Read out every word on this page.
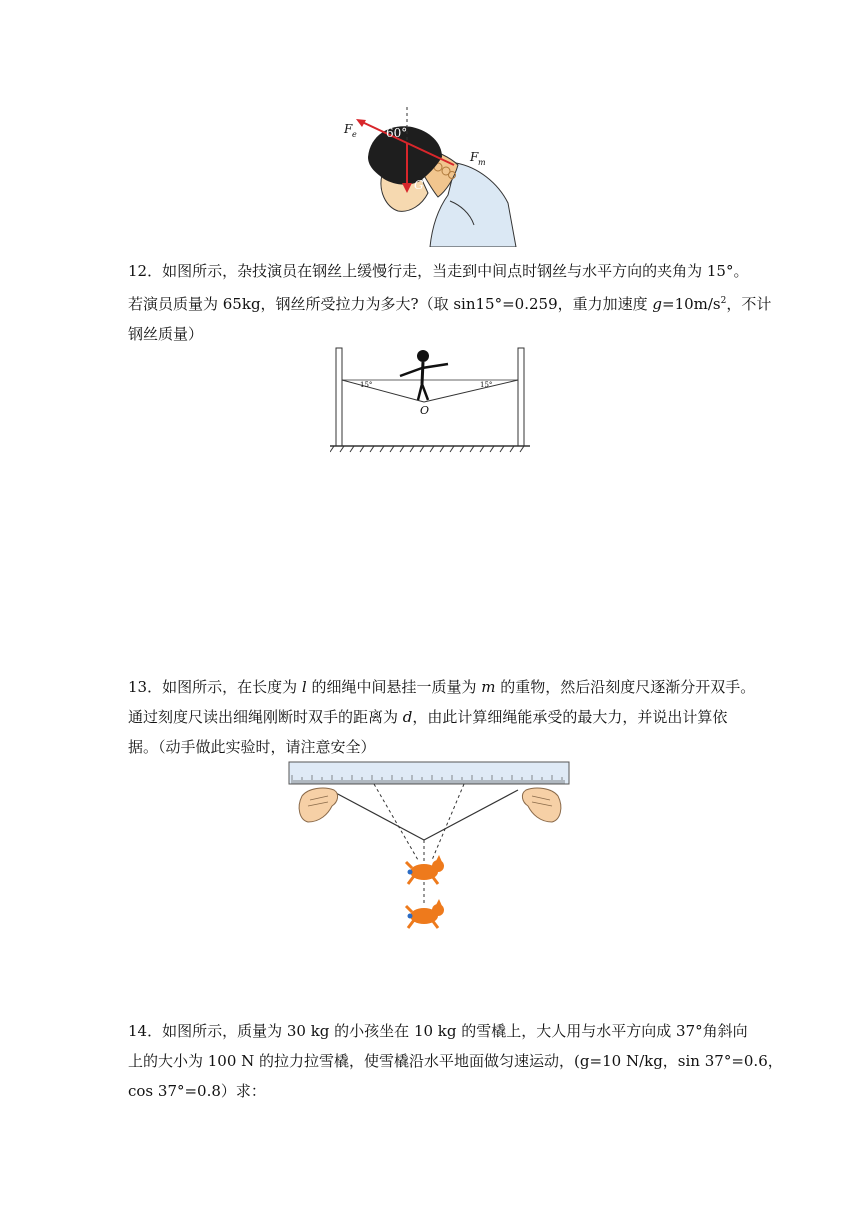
F e 60°
G
F m
12．如图所示，杂技演员在钢丝上缓慢行走，当走到中间点时钢丝与水平方向的夹角为 15°。
若演员质量为 65kg，钢丝所受拉力为多大?（取 sin15°=0.259，重力加速度 $g=10m/s^2$，不计
钢丝质量）
15°	15°
O
13．如图所示，在长度为 l 的细绳中间悬挂一质量为 m 的重物，然后沿刻度尺逐渐分开双手。
通过刻度尺读出细绳刚断时双手的距离为 d，由此计算细绳能承受的最大力，并说出计算依
据。（动手做此实验时，请注意安全）
14．如图所示，质量为 30 kg 的小孩坐在 10 kg 的雪橇上，大人用与水平方向成 37°角斜向
上的大小为 100 N 的拉力拉雪橇，使雪橇沿水平地面做匀速运动，(g=10 N/kg，sin 37°=0.6，
cos 37°=0.8）求：
